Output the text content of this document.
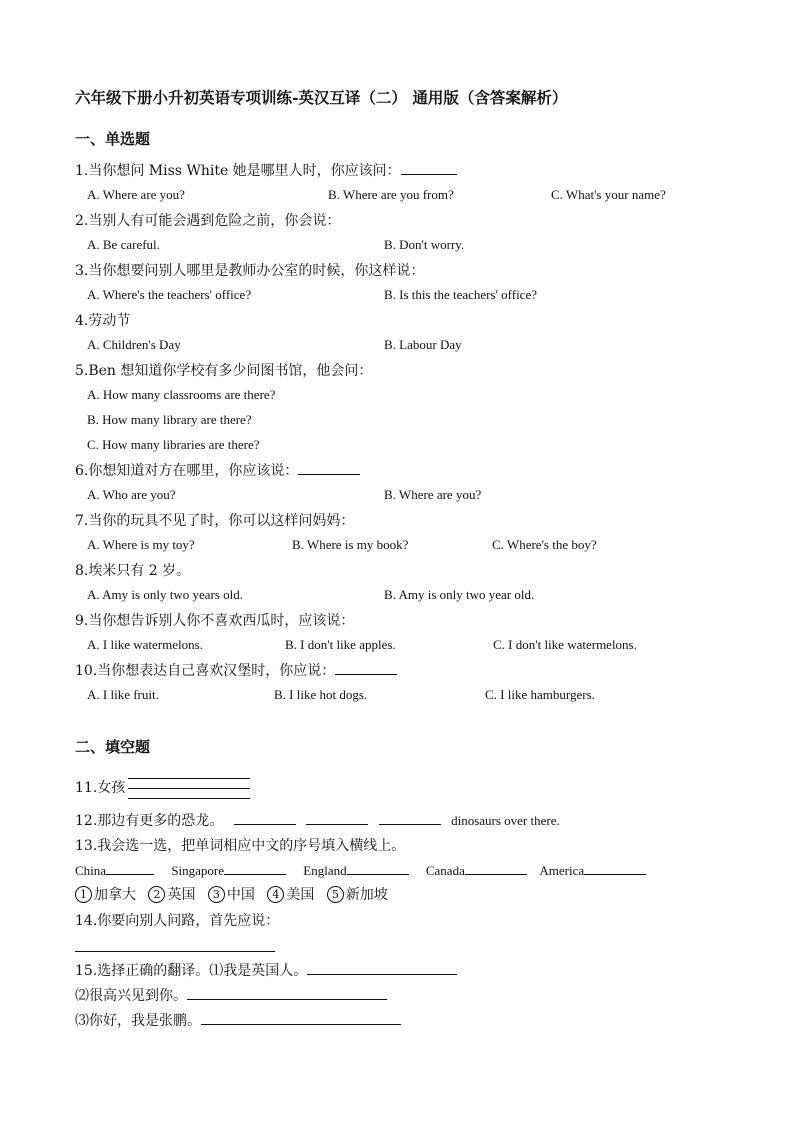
六年级下册小升初英语专项训练-英汉互译（二） 通用版（含答案解析）
一、单选题
1.当你想问 Miss White 她是哪里人时，你应该问：
A. Where are you?	B. Where are you from?	C. What's your name?
2.当别人有可能会遇到危险之前，你会说：
A. Be careful.	B. Don't worry.
3.当你想要问别人哪里是教师办公室的时候，你这样说：
A. Where's the teachers' office?	B. Is this the teachers' office?
4.劳动节
A. Children's Day	B. Labour Day
5.Ben 想知道你学校有多少间图书馆，他会问：
A. How many classrooms are there?
B. How many library are there?
C. How many libraries are there?
6.你想知道对方在哪里，你应该说：
A. Who are you?	B. Where are you?
7.当你的玩具不见了时，你可以这样问妈妈：
A. Where is my toy?	B. Where is my book?	C. Where's the boy?
8.埃米只有 2 岁。
A. Amy is only two years old.	B. Amy is only two year old.
9.当你想告诉别人你不喜欢西瓜时，应该说：
A. I like watermelons.	B. I don't like apples.	C. I don't like watermelons.
10.当你想表达自己喜欢汉堡时，你应说：
A. I like fruit.	B. I like hot dogs.	C. I like hamburgers.
二、填空题
11.女孩
12.那边有更多的恐龙。	dinosaurs over there.
13.我会选一选，把单词相应中文的序号填入横线上。
China	Singapore	England	Canada	America
1 加拿大 2 英国 3 中国 4 美国 5 新加坡
14.你要向别人问路，首先应说：
15.选择正确的翻译。⑴我是英国人。
⑵很高兴见到你。
⑶你好，我是张鹏。
